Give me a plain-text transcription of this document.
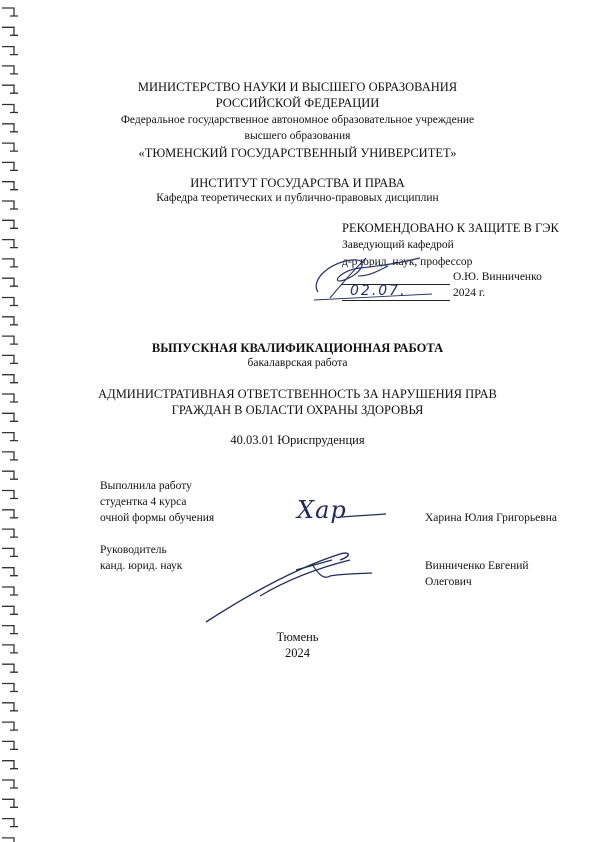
МИНИСТЕРСТВО НАУКИ И ВЫСШЕГО ОБРАЗОВАНИЯ
РОССИЙСКОЙ ФЕДЕРАЦИИ
Федеральное государственное автономное образовательное учреждение
высшего образования
«ТЮМЕНСКИЙ ГОСУДАРСТВЕННЫЙ УНИВЕРСИТЕТ»
ИНСТИТУТ ГОСУДАРСТВА И ПРАВА
Кафедра теоретических и публично-правовых дисциплин
РЕКОМЕНДОВАНО К ЗАЩИТЕ В ГЭК
Заведующий кафедрой
д-р юрид. наук, профессор
О.Ю. Винниченко
2024 г.
02.07.
ВЫПУСКНАЯ КВАЛИФИКАЦИОННАЯ РАБОТА
бакалаврская работа
АДМИНИСТРАТИВНАЯ ОТВЕТСТВЕННОСТЬ ЗА НАРУШЕНИЯ ПРАВ
ГРАЖДАН В ОБЛАСТИ ОХРАНЫ ЗДОРОВЬЯ
40.03.01 Юриспруденция
Выполнила работу
студентка 4 курса
очной формы обучения	Хар	Харина Юлия Григорьевна
Руководитель
канд. юрид. наук	Винниченко Евгений
Олегович
Тюмень
2024
